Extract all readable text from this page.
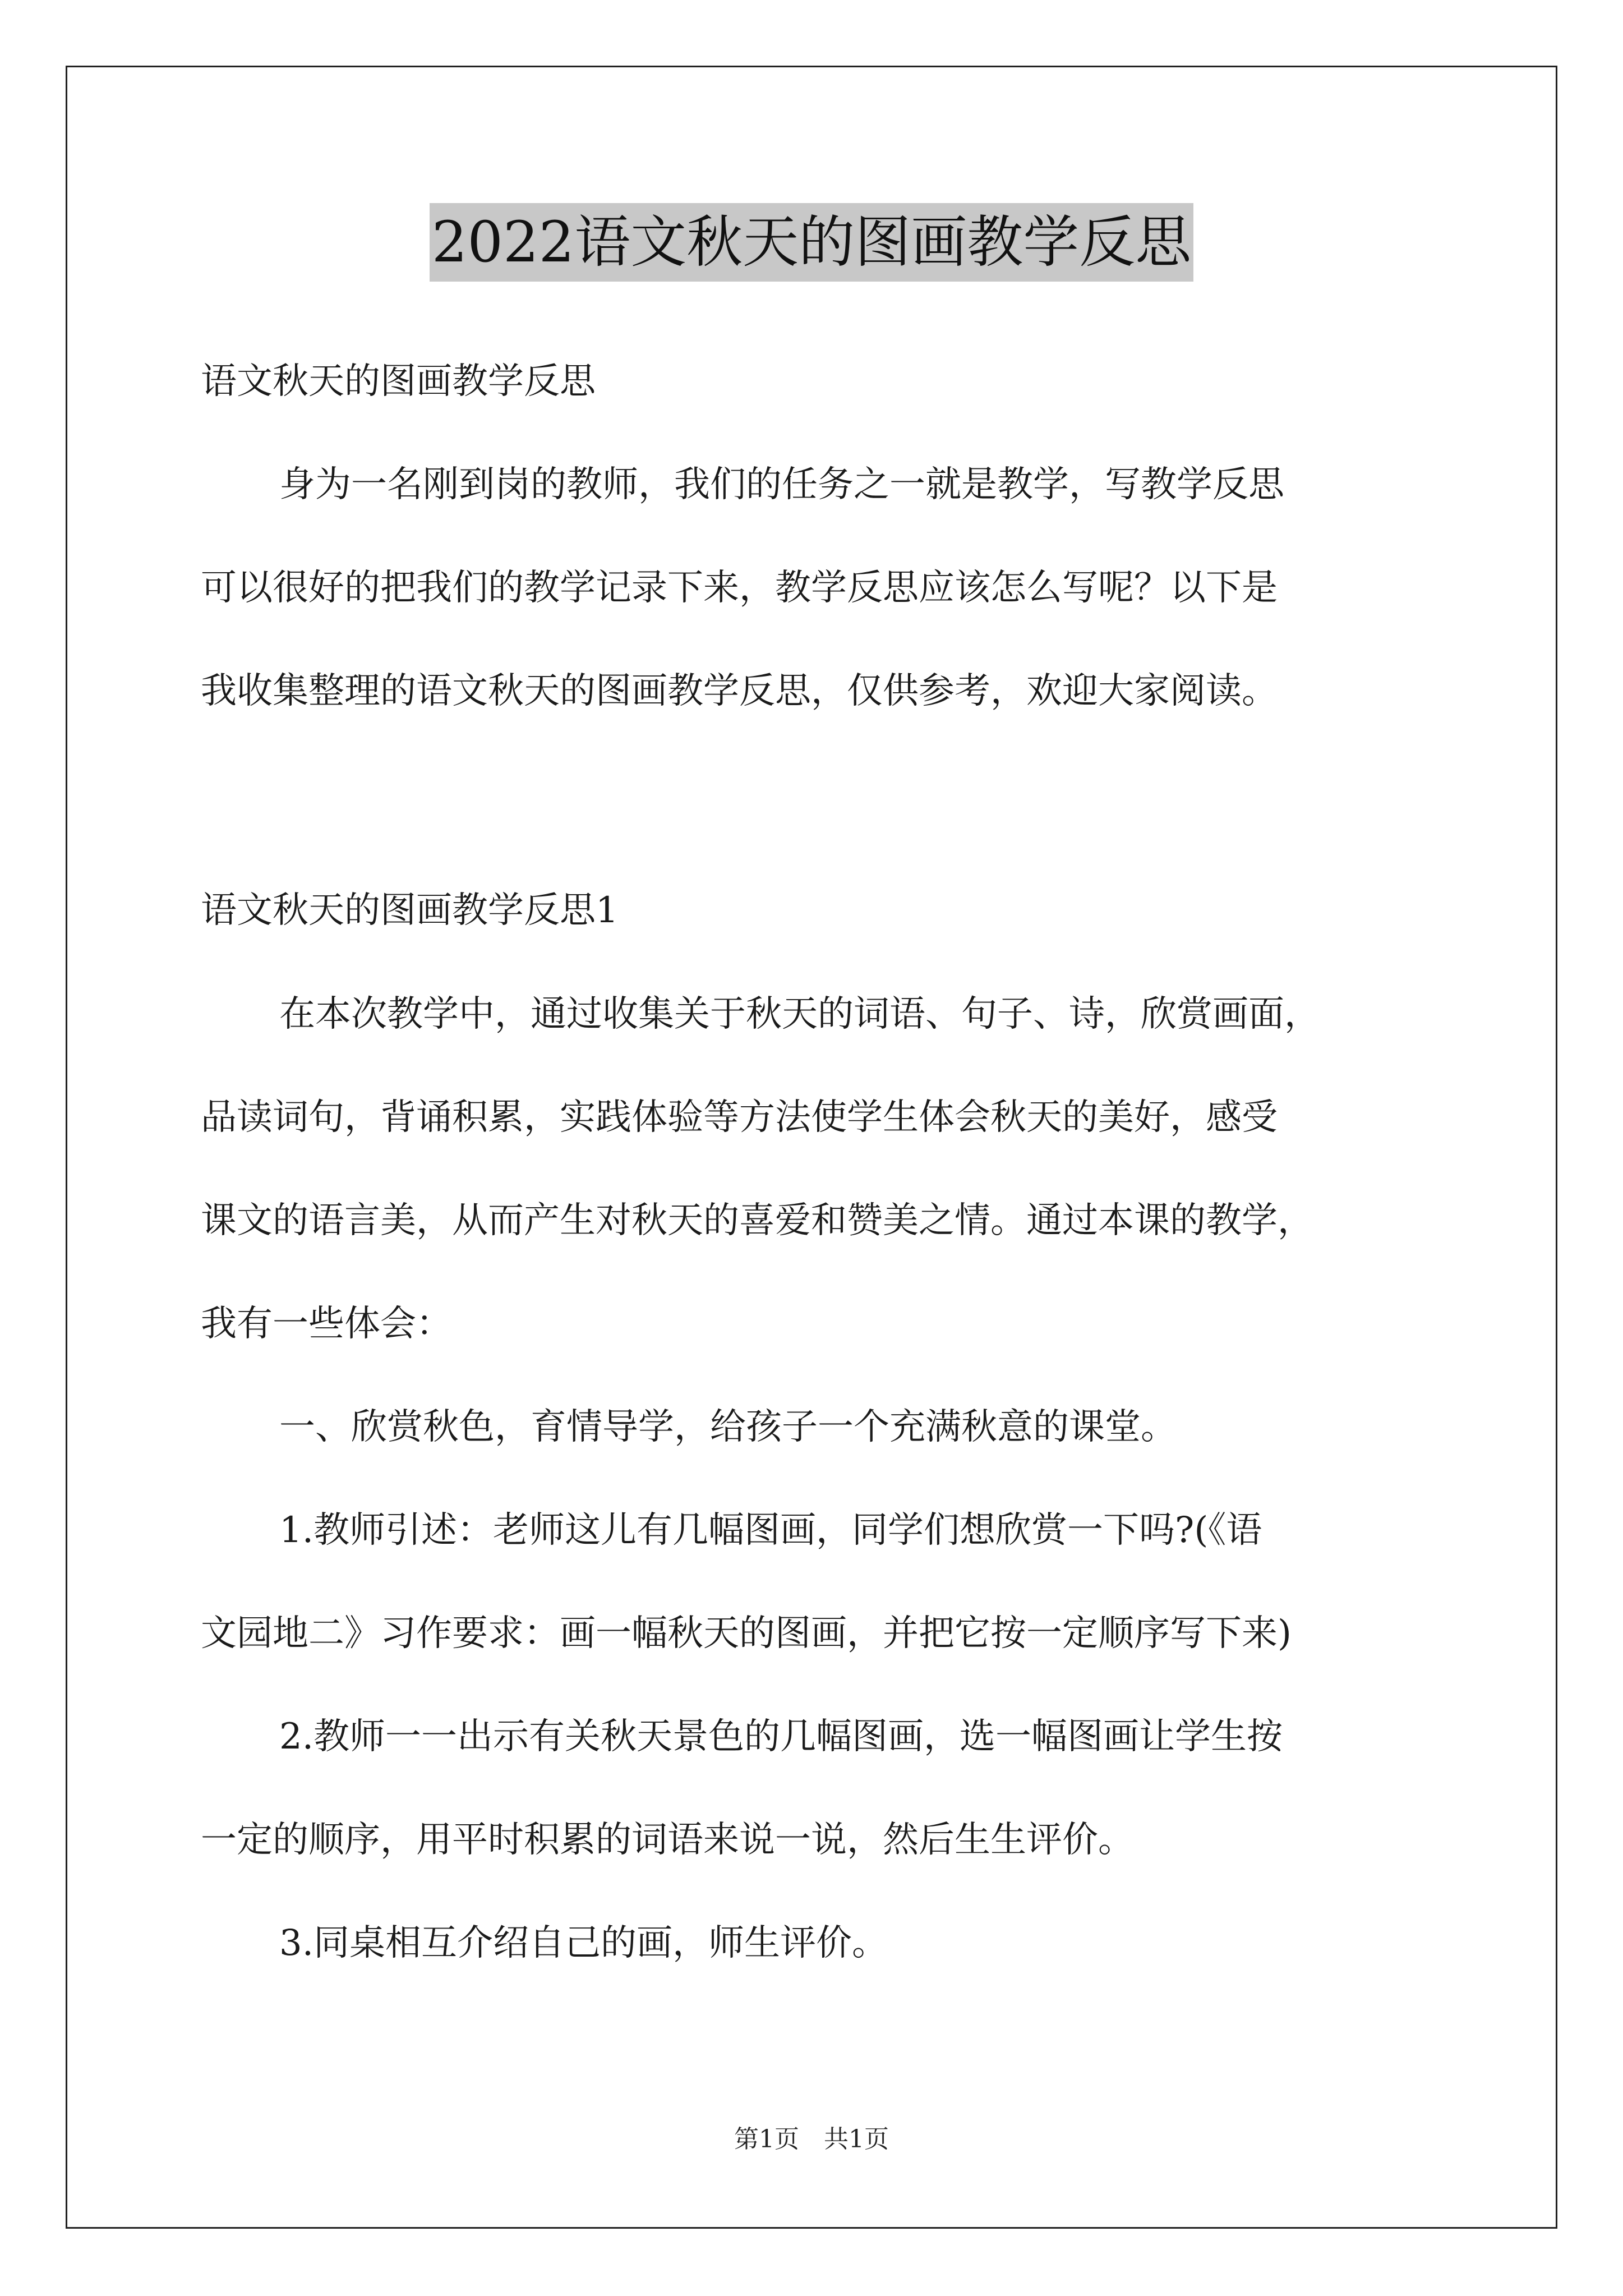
2022语文秋天的图画教学反思
语文秋天的图画教学反思
身为一名刚到岗的教师，我们的任务之一就是教学，写教学反思
可以很好的把我们的教学记录下来，教学反思应该怎么写呢？以下是
我收集整理的语文秋天的图画教学反思，仅供参考，欢迎大家阅读。
语文秋天的图画教学反思1
在本次教学中，通过收集关于秋天的词语、句子、诗，欣赏画面，
品读词句，背诵积累，实践体验等方法使学生体会秋天的美好，感受
课文的语言美，从而产生对秋天的喜爱和赞美之情。通过本课的教学，
我有一些体会：
一、欣赏秋色，育情导学，给孩子一个充满秋意的课堂。
1.教师引述：老师这儿有几幅图画，同学们想欣赏一下吗?(《语
文园地二》习作要求：画一幅秋天的图画，并把它按一定顺序写下来)
2.教师一一出示有关秋天景色的几幅图画，选一幅图画让学生按
一定的顺序，用平时积累的词语来说一说，然后生生评价。
3.同桌相互介绍自己的画，师生评价。
第1页　共1页
